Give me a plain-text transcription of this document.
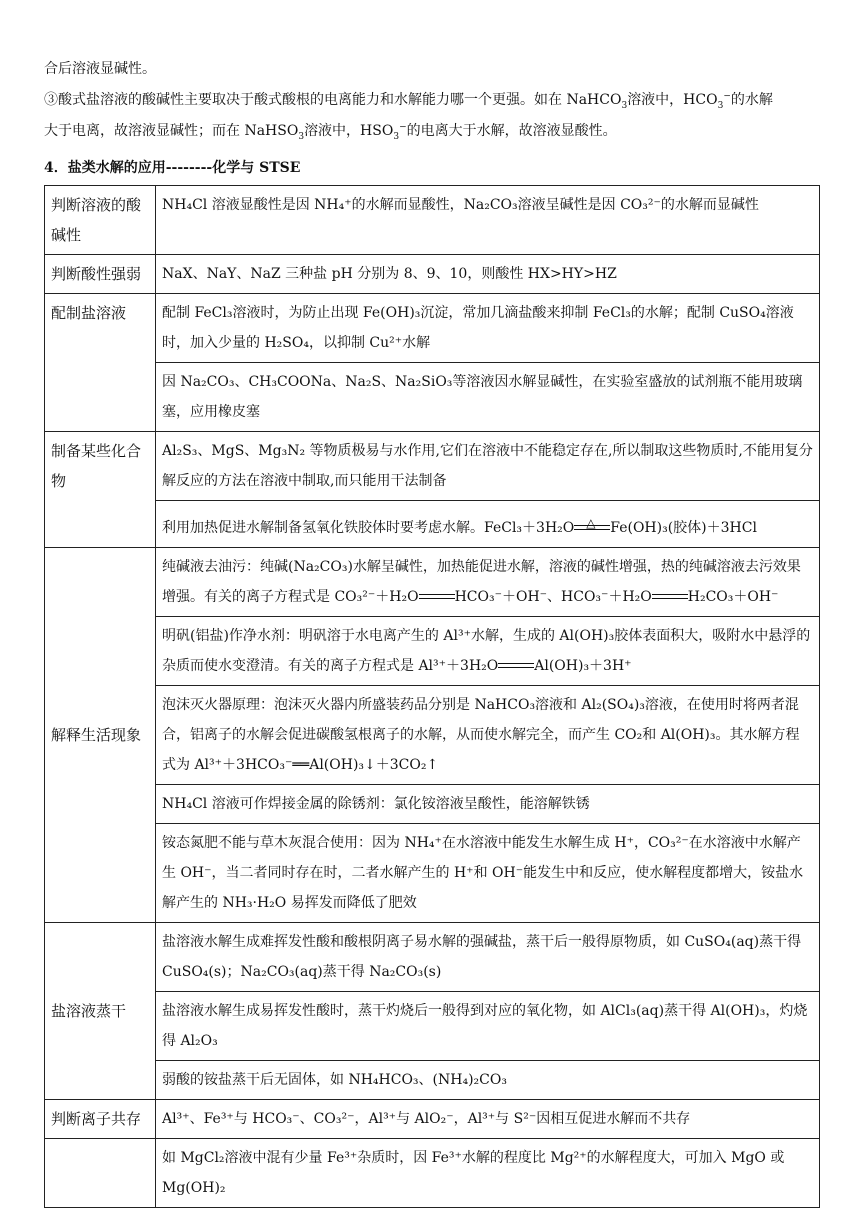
合后溶液显碱性。

③酸式盐溶液的酸碱性主要取决于酸式酸根的电离能力和水解能力哪一个更强。如在 NaHCO$_3$溶液中，$HCO_3^-$的水解
大于电离，故溶液显碱性；而在 NaHSO$_3$溶液中，$HSO_3^-$的电离大于水解，故溶液显酸性。

4．盐类水解的应用--------化学与 STSE

判断溶液的酸碱性	NH₄Cl 溶液显酸性是因 NH₄⁺的水解而显酸性，Na₂CO₃溶液呈碱性是因 CO₃²⁻的水解而显碱性
判断酸性强弱	NaX、NaY、NaZ 三种盐 pH 分别为 8、9、10，则酸性 HX>HY>HZ
配制盐溶液	配制 FeCl₃溶液时，为防止出现 Fe(OH)₃沉淀，常加几滴盐酸来抑制 FeCl₃的水解；配制 CuSO₄溶液时，加入少量的 H₂SO₄，以抑制 Cu²⁺水解
	因 Na₂CO₃、CH₃COONa、Na₂S、Na₂SiO₃等溶液因水解显碱性，在实验室盛放的试剂瓶不能用玻璃塞，应用橡皮塞
制备某些化合物	Al₂S₃、MgS、Mg₃N₂ 等物质极易与水作用,它们在溶液中不能稳定存在,所以制取这些物质时,不能用复分解反应的方法在溶液中制取,而只能用干法制备
	利用加热促进水解制备氢氧化铁胶体时要考虑水解。FeCl₃＋3H₂O △ Fe(OH)₃(胶体)＋3HCl
解释生活现象	纯碱液去油污：纯碱(Na₂CO₃)水解呈碱性，加热能促进水解，溶液的碱性增强，热的纯碱溶液去污效果增强。有关的离子方程式是 CO₃²⁻＋H₂O HCO₃⁻＋OH⁻、HCO₃⁻＋H₂O H₂CO₃＋OH⁻
	明矾(铝盐)作净水剂：明矾溶于水电离产生的 Al³⁺水解，生成的 Al(OH)₃胶体表面积大，吸附水中悬浮的杂质而使水变澄清。有关的离子方程式是 Al³⁺＋3H₂O Al(OH)₃＋3H⁺
	泡沫灭火器原理：泡沫灭火器内所盛装药品分别是 NaHCO₃溶液和 Al₂(SO₄)₃溶液，在使用时将两者混合，铝离子的水解会促进碳酸氢根离子的水解，从而使水解完全，而产生 CO₂和 Al(OH)₃。其水解方程式为 Al³⁺＋3HCO₃⁻══Al(OH)₃↓＋3CO₂↑
	NH₄Cl 溶液可作焊接金属的除锈剂：氯化铵溶液呈酸性，能溶解铁锈
	铵态氮肥不能与草木灰混合使用：因为 NH₄⁺在水溶液中能发生水解生成 H⁺，CO₃²⁻在水溶液中水解产生 OH⁻，当二者同时存在时，二者水解产生的 H⁺和 OH⁻能发生中和反应，使水解程度都增大，铵盐水解产生的 NH₃·H₂O 易挥发而降低了肥效
盐溶液蒸干	盐溶液水解生成难挥发性酸和酸根阴离子易水解的强碱盐，蒸干后一般得原物质，如 CuSO₄(aq)蒸干得 CuSO₄(s)；Na₂CO₃(aq)蒸干得 Na₂CO₃(s)
	盐溶液水解生成易挥发性酸时，蒸干灼烧后一般得到对应的氧化物，如 AlCl₃(aq)蒸干得 Al(OH)₃，灼烧得 Al₂O₃
	弱酸的铵盐蒸干后无固体，如 NH₄HCO₃、(NH₄)₂CO₃
判断离子共存	Al³⁺、Fe³⁺与 HCO₃⁻、CO₃²⁻，Al³⁺与 AlO₂⁻，Al³⁺与 S²⁻因相互促进水解而不共存
	如 MgCl₂溶液中混有少量 Fe³⁺杂质时，因 Fe³⁺水解的程度比 Mg²⁺的水解程度大，可加入 MgO 或 Mg(OH)₂
